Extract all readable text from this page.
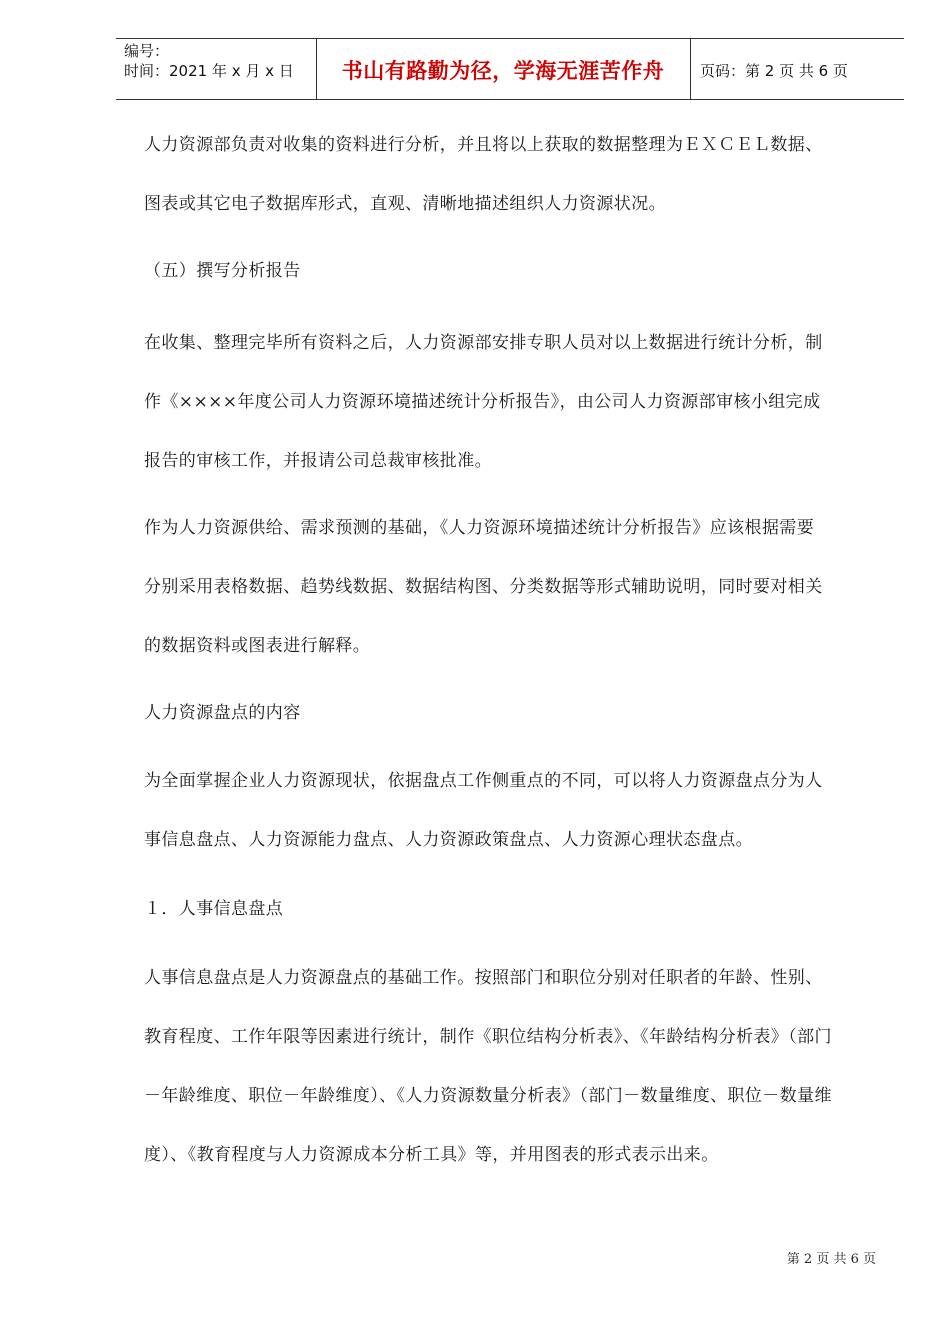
编号：
时间：2021 年 x 月 x 日	书山有路勤为径，学海无涯苦作舟	页码：第 2 页 共 6 页

人力资源部负责对收集的资料进行分析，并且将以上获取的数据整理为ＥＸＣＥＬ数据、

图表或其它电子数据库形式，直观、清晰地描述组织人力资源状况。

（五）撰写分析报告

在收集、整理完毕所有资料之后，人力资源部安排专职人员对以上数据进行统计分析，制

作《××××年度公司人力资源环境描述统计分析报告》，由公司人力资源部审核小组完成

报告的审核工作，并报请公司总裁审核批准。

作为人力资源供给、需求预测的基础，《人力资源环境描述统计分析报告》应该根据需要

分别采用表格数据、趋势线数据、数据结构图、分类数据等形式辅助说明，同时要对相关

的数据资料或图表进行解释。

人力资源盘点的内容

为全面掌握企业人力资源现状，依据盘点工作侧重点的不同，可以将人力资源盘点分为人

事信息盘点、人力资源能力盘点、人力资源政策盘点、人力资源心理状态盘点。

１．人事信息盘点

人事信息盘点是人力资源盘点的基础工作。按照部门和职位分别对任职者的年龄、性别、

教育程度、工作年限等因素进行统计，制作《职位结构分析表》、《年龄结构分析表》（部门

－年龄维度、职位－年龄维度）、《人力资源数量分析表》（部门－数量维度、职位－数量维

度）、《教育程度与人力资源成本分析工具》等，并用图表的形式表示出来。

第 2 页 共 6 页
